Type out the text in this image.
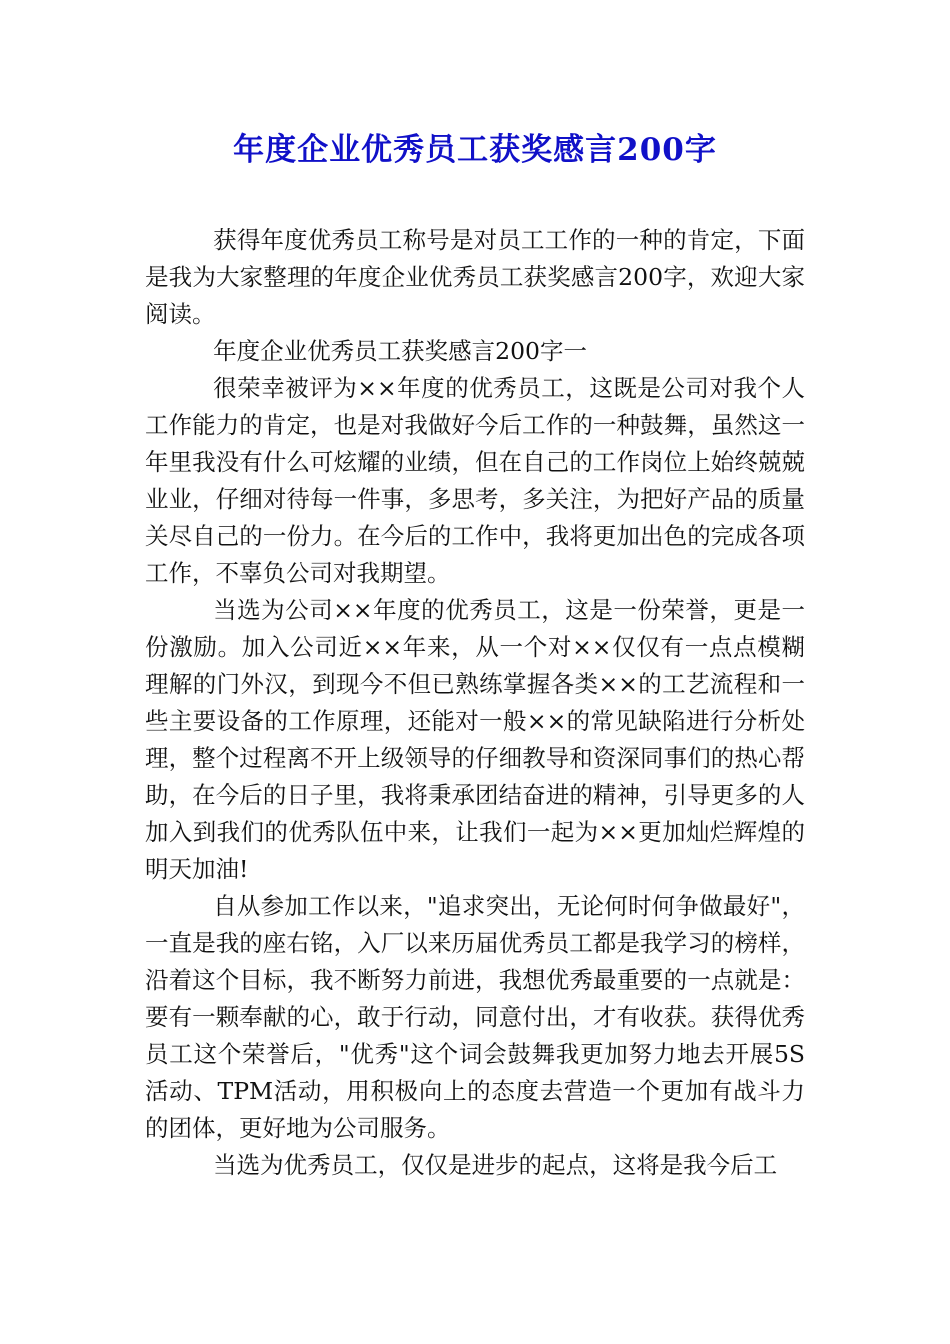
年度企业优秀员工获奖感言200字

获得年度优秀员工称号是对员工工作的一种的肯定，下面是我为大家整理的年度企业优秀员工获奖感言200字，欢迎大家阅读。

年度企业优秀员工获奖感言200字一

很荣幸被评为××年度的优秀员工，这既是公司对我个人工作能力的肯定，也是对我做好今后工作的一种鼓舞，虽然这一年里我没有什么可炫耀的业绩，但在自己的工作岗位上始终兢兢业业，仔细对待每一件事，多思考，多关注，为把好产品的质量关尽自己的一份力。在今后的工作中，我将更加出色的完成各项工作，不辜负公司对我期望。

当选为公司××年度的优秀员工，这是一份荣誉，更是一份激励。加入公司近××年来，从一个对××仅仅有一点点模糊理解的门外汉，到现今不但已熟练掌握各类××的工艺流程和一些主要设备的工作原理，还能对一般××的常见缺陷进行分析处理，整个过程离不开上级领导的仔细教导和资深同事们的热心帮助，在今后的日子里，我将秉承团结奋进的精神，引导更多的人加入到我们的优秀队伍中来，让我们一起为××更加灿烂辉煌的明天加油!

自从参加工作以来，"追求突出，无论何时何争做最好"，一直是我的座右铭，入厂以来历届优秀员工都是我学习的榜样，沿着这个目标，我不断努力前进，我想优秀最重要的一点就是：要有一颗奉献的心，敢于行动，同意付出，才有收获。获得优秀员工这个荣誉后，"优秀"这个词会鼓舞我更加努力地去开展5S活动、TPM活动，用积极向上的态度去营造一个更加有战斗力的团体，更好地为公司服务。

当选为优秀员工，仅仅是进步的起点，这将是我今后工
